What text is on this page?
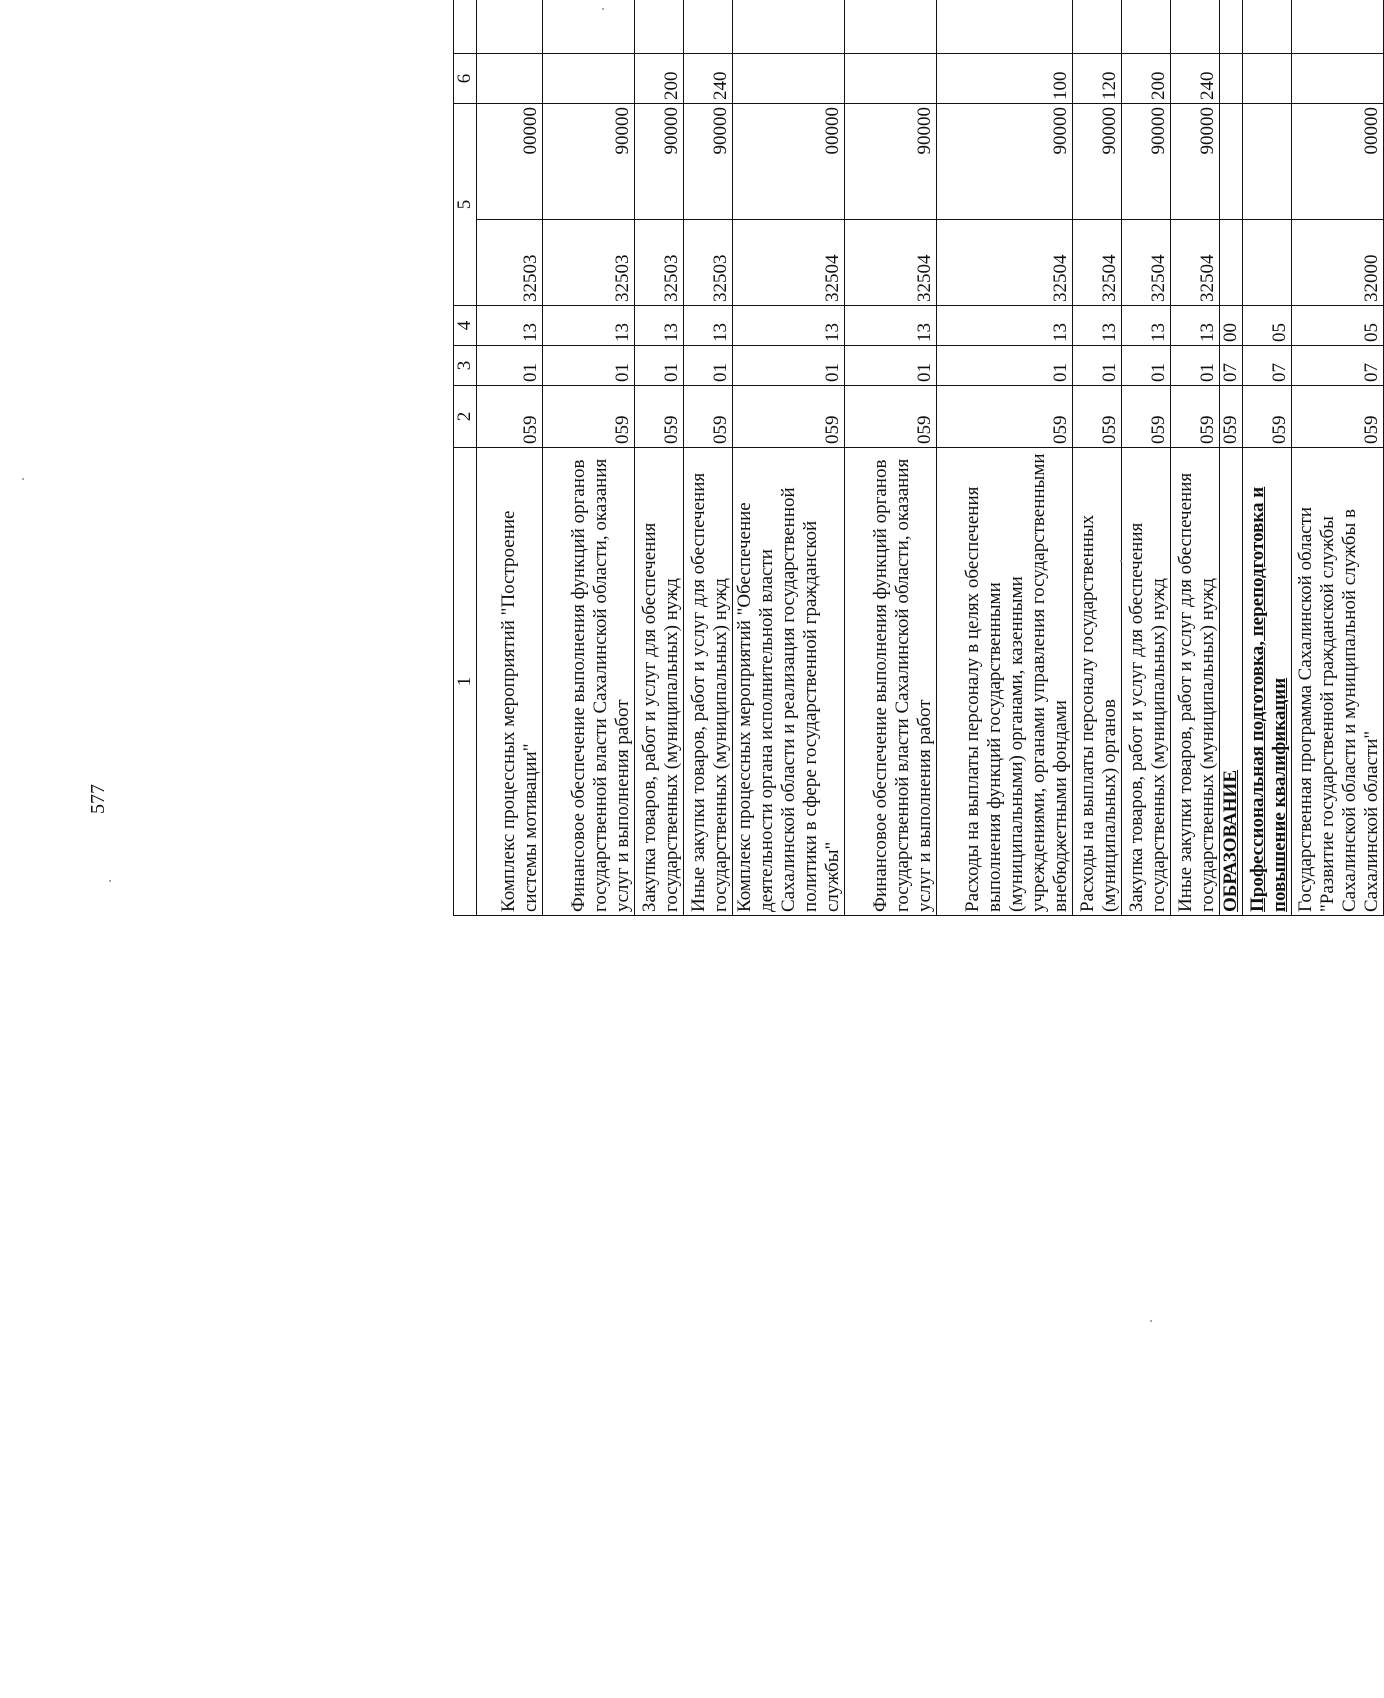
577
1	2	3	4	5		6			
Комплекс процессных мероприятий "Построение системы мотивации"	059	01	13	32503	00000				
Финансовое обеспечение выполнения функций органов государственной власти Сахалинской области, оказания услуг и выполнения работ	059	01	13	32503	90000				
Закупка товаров, работ и услуг для обеспечения государственных (муниципальных) нужд	059	01	13	32503	90000	200			
Иные закупки товаров, работ и услуг для обеспечения государственных (муниципальных) нужд	059	01	13	32503	90000	240			
Комплекс процессных мероприятий "Обеспечение деятельности органа исполнительной власти Сахалинской области и реализация государственной политики в сфере государственной гражданской службы"	059	01	13	32504	00000				
Финансовое обеспечение выполнения функций органов государственной власти Сахалинской области, оказания услуг и выполнения работ	059	01	13	32504	90000				
Расходы на выплаты персоналу в целях обеспечения выполнения функций государственными (муниципальными) органами, казенными учреждениями, органами управления государственными внебюджетными фондами	059	01	13	32504	90000	100			
Расходы на выплаты персоналу государственных (муниципальных) органов	059	01	13	32504	90000	120			
Закупка товаров, работ и услуг для обеспечения государственных (муниципальных) нужд	059	01	13	32504	90000	200			
Иные закупки товаров, работ и услуг для обеспечения государственных (муниципальных) нужд	059	01	13	32504	90000	240			
ОБРАЗОВАНИЕ	059	07	00						
Профессиональная подготовка, переподготовка и повышение квалификации	059	07	05						
Государственная программа Сахалинской области "Развитие государственной гражданской службы Сахалинской области и муниципальной службы в Сахалинской области"	059	07	05	32000	00000				
